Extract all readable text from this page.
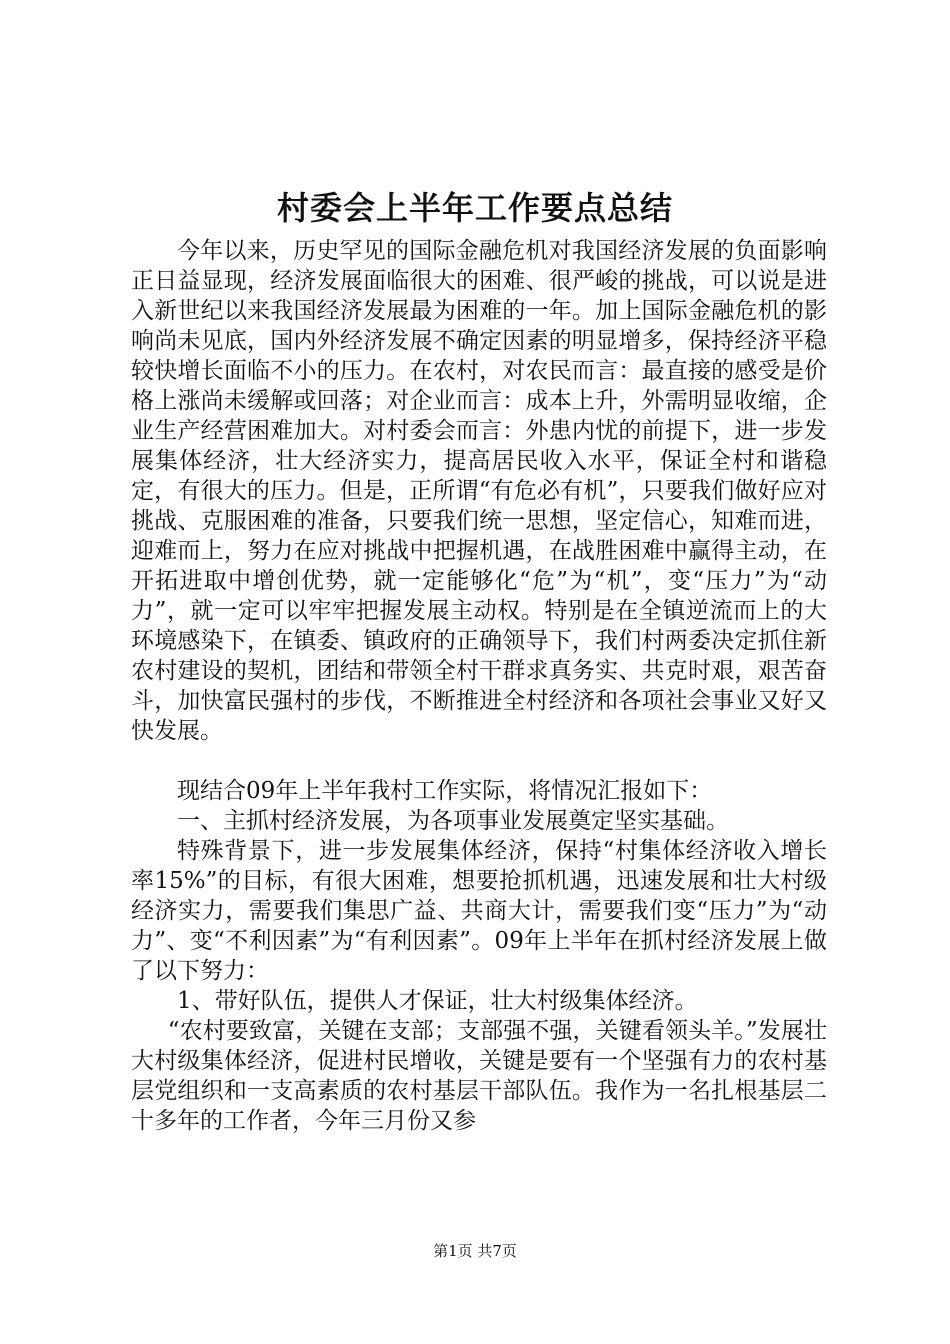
村委会上半年工作要点总结

今年以来，历史罕见的国际金融危机对我国经济发展的负面影响正日益显现，经济发展面临很大的困难、很严峻的挑战，可以说是进入新世纪以来我国经济发展最为困难的一年。加上国际金融危机的影响尚未见底，国内外经济发展不确定因素的明显增多，保持经济平稳较快增长面临不小的压力。在农村，对农民而言：最直接的感受是价格上涨尚未缓解或回落；对企业而言：成本上升，外需明显收缩，企业生产经营困难加大。对村委会而言：外患内忧的前提下，进一步发展集体经济，壮大经济实力，提高居民收入水平，保证全村和谐稳定，有很大的压力。但是，正所谓“有危必有机”，只要我们做好应对挑战、克服困难的准备，只要我们统一思想，坚定信心，知难而进，迎难而上，努力在应对挑战中把握机遇，在战胜困难中赢得主动，在开拓进取中增创优势，就一定能够化“危”为“机”，变“压力”为“动力”，就一定可以牢牢把握发展主动权。特别是在全镇逆流而上的大环境感染下，在镇委、镇政府的正确领导下，我们村两委决定抓住新农村建设的契机，团结和带领全村干群求真务实、共克时艰，艰苦奋斗，加快富民强村的步伐，不断推进全村经济和各项社会事业又好又快发展。

现结合09年上半年我村工作实际，将情况汇报如下：

一、主抓村经济发展，为各项事业发展奠定坚实基础。

特殊背景下，进一步发展集体经济，保持“村集体经济收入增长率15%”的目标，有很大困难，想要抢抓机遇，迅速发展和壮大村级经济实力，需要我们集思广益、共商大计，需要我们变“压力”为“动力”、变“不利因素”为“有利因素”。09年上半年在抓村经济发展上做了以下努力：

1、带好队伍，提供人才保证，壮大村级集体经济。

“农村要致富，关键在支部；支部强不强，关键看领头羊。”发展壮大村级集体经济，促进村民增收，关键是要有一个坚强有力的农村基层党组织和一支高素质的农村基层干部队伍。我作为一名扎根基层二十多年的工作者，今年三月份又参

第1页 共7页
